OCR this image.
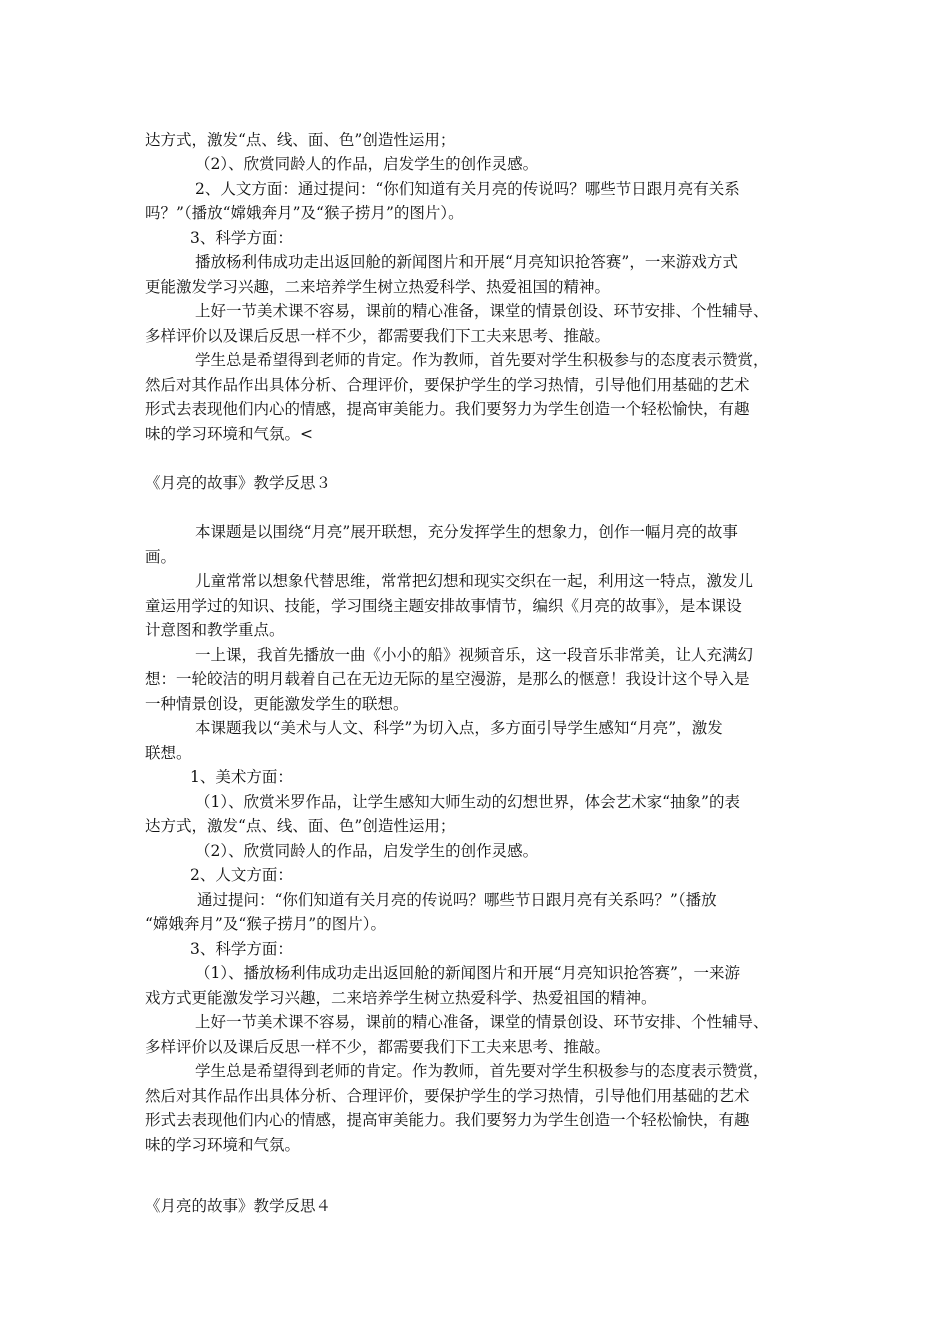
达方式，激发“点、线、面、色”创造性运用；
（2）、欣赏同龄人的作品，启发学生的创作灵感。
2、人文方面：通过提问：“你们知道有关月亮的传说吗？哪些节日跟月亮有关系
吗？”（播放“嫦娥奔月”及“猴子捞月”的图片）。
3、科学方面：
播放杨利伟成功走出返回舱的新闻图片和开展“月亮知识抢答赛”，一来游戏方式
更能激发学习兴趣，二来培养学生树立热爱科学、热爱祖国的精神。
上好一节美术课不容易，课前的精心准备，课堂的情景创设、环节安排、个性辅导、
多样评价以及课后反思一样不少，都需要我们下工夫来思考、推敲。
学生总是希望得到老师的肯定。作为教师，首先要对学生积极参与的态度表示赞赏，
然后对其作品作出具体分析、合理评价，要保护学生的学习热情，引导他们用基础的艺术
形式去表现他们内心的情感，提高审美能力。我们要努力为学生创造一个轻松愉快，有趣
味的学习环境和气氛。<
《月亮的故事》教学反思３
本课题是以围绕“月亮”展开联想，充分发挥学生的想象力，创作一幅月亮的故事
画。
儿童常常以想象代替思维，常常把幻想和现实交织在一起，利用这一特点，激发儿
童运用学过的知识、技能，学习围绕主题安排故事情节，编织《月亮的故事》，是本课设
计意图和教学重点。
一上课，我首先播放一曲《小小的船》视频音乐，这一段音乐非常美，让人充满幻
想：一轮皎洁的明月载着自己在无边无际的星空漫游，是那么的惬意！我设计这个导入是
一种情景创设，更能激发学生的联想。
本课题我以“美术与人文、科学”为切入点，多方面引导学生感知“月亮”，激发
联想。
1、美术方面：
（1）、欣赏米罗作品，让学生感知大师生动的幻想世界，体会艺术家“抽象”的表
达方式，激发“点、线、面、色”创造性运用；
（2）、欣赏同龄人的作品，启发学生的创作灵感。
2、人文方面：
通过提问：“你们知道有关月亮的传说吗？哪些节日跟月亮有关系吗？”（播放
“嫦娥奔月”及“猴子捞月”的图片）。
3、科学方面：
（1）、播放杨利伟成功走出返回舱的新闻图片和开展“月亮知识抢答赛”，一来游
戏方式更能激发学习兴趣，二来培养学生树立热爱科学、热爱祖国的精神。
上好一节美术课不容易，课前的精心准备，课堂的情景创设、环节安排、个性辅导、
多样评价以及课后反思一样不少，都需要我们下工夫来思考、推敲。
学生总是希望得到老师的肯定。作为教师，首先要对学生积极参与的态度表示赞赏，
然后对其作品作出具体分析、合理评价，要保护学生的学习热情，引导他们用基础的艺术
形式去表现他们内心的情感，提高审美能力。我们要努力为学生创造一个轻松愉快，有趣
味的学习环境和气氛。
《月亮的故事》教学反思４
